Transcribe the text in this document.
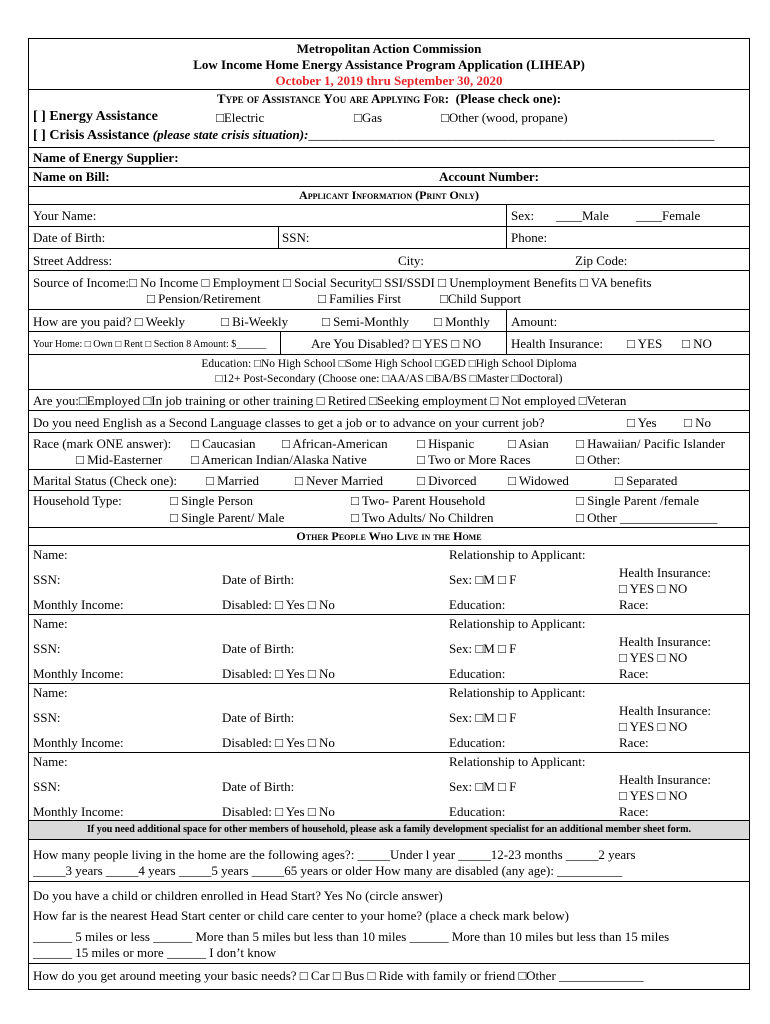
Metropolitan Action Commission
Low Income Home Energy Assistance Program Application (LIHEAP)
October 1, 2019 thru September 30, 2020
Type of Assistance You are Applying For: (Please check one):
[ ] Energy Assistance	□Electric	□Gas	□Other (wood, propane)
[ ] Crisis Assistance (please state crisis situation):__________________________________________________________
Name of Energy Supplier:
Name on Bill:	Account Number:
Applicant Information (Print Only)
Your Name:	Sex: ____Male ____Female
Date of Birth:	SSN:	Phone:
Street Address:	City:	Zip Code:
Source of Income:□ No Income □ Employment □ Social Security□ SSI/SSDI □ Unemployment Benefits □ VA benefits
□ Pension/Retirement	□ Families First	□Child Support
How are you paid? □ Weekly	□ Bi-Weekly	□ Semi-Monthly □ Monthly Amount:
Your Home: □ Own □ Rent □ Section 8 Amount: $______	Are You Disabled? □ YES □ NO Health Insurance: □ YES □ NO
Education: □No High School □Some High School □GED □High School Diploma
□12+ Post-Secondary (Choose one: □AA/AS □BA/BS □Master □Doctoral)
Are you:□Employed □In job training or other training □ Retired □Seeking employment □ Not employed □Veteran
Do you need English as a Second Language classes to get a job or to advance on your current job?	□ Yes □ No
Race (mark ONE answer): □ Caucasian □ African-American □ Hispanic	□ Asian □ Hawaiian/ Pacific Islander
□ Mid-Easterner □ American Indian/Alaska Native	□ Two or More Races	□ Other:
Marital Status (Check one): □ Married	□ Never Married	□ Divorced □ Widowed	□ Separated
Household Type:	□ Single Person	□ Two- Parent Household	□ Single Parent /female
□ Single Parent/ Male	□ Two Adults/ No Children	□ Other _______________
Other People Who Live in the Home
Name:	Relationship to Applicant:
SSN:	Date of Birth:	Sex: □M □ F	Health Insurance:
□ YES □ NO
Monthly Income:	Disabled: □ Yes □ No	Education:	Race:
Name:	Relationship to Applicant:
SSN:	Date of Birth:	Sex: □M □ F	Health Insurance:
□ YES □ NO
Monthly Income:	Disabled: □ Yes □ No	Education:	Race:
Name:	Relationship to Applicant:
SSN:	Date of Birth:	Sex: □M □ F	Health Insurance:
□ YES □ NO
Monthly Income:	Disabled: □ Yes □ No	Education:	Race:
Name:	Relationship to Applicant:
SSN:	Date of Birth:	Sex: □M □ F	Health Insurance:
□ YES □ NO
Monthly Income:	Disabled: □ Yes □ No	Education:	Race:
If you need additional space for other members of household, please ask a family development specialist for an additional member sheet form.
How many people living in the home are the following ages?: _____Under l year _____12-23 months _____2 years
_____3 years _____4 years _____5 years _____65 years or older How many are disabled (any age): __________
Do you have a child or children enrolled in Head Start? Yes No (circle answer)
How far is the nearest Head Start center or child care center to your home? (place a check mark below)
______ 5 miles or less ______ More than 5 miles but less than 10 miles ______ More than 10 miles but less than 15 miles
______ 15 miles or more ______ I don’t know
How do you get around meeting your basic needs? □ Car □ Bus □ Ride with family or friend □Other _____________
